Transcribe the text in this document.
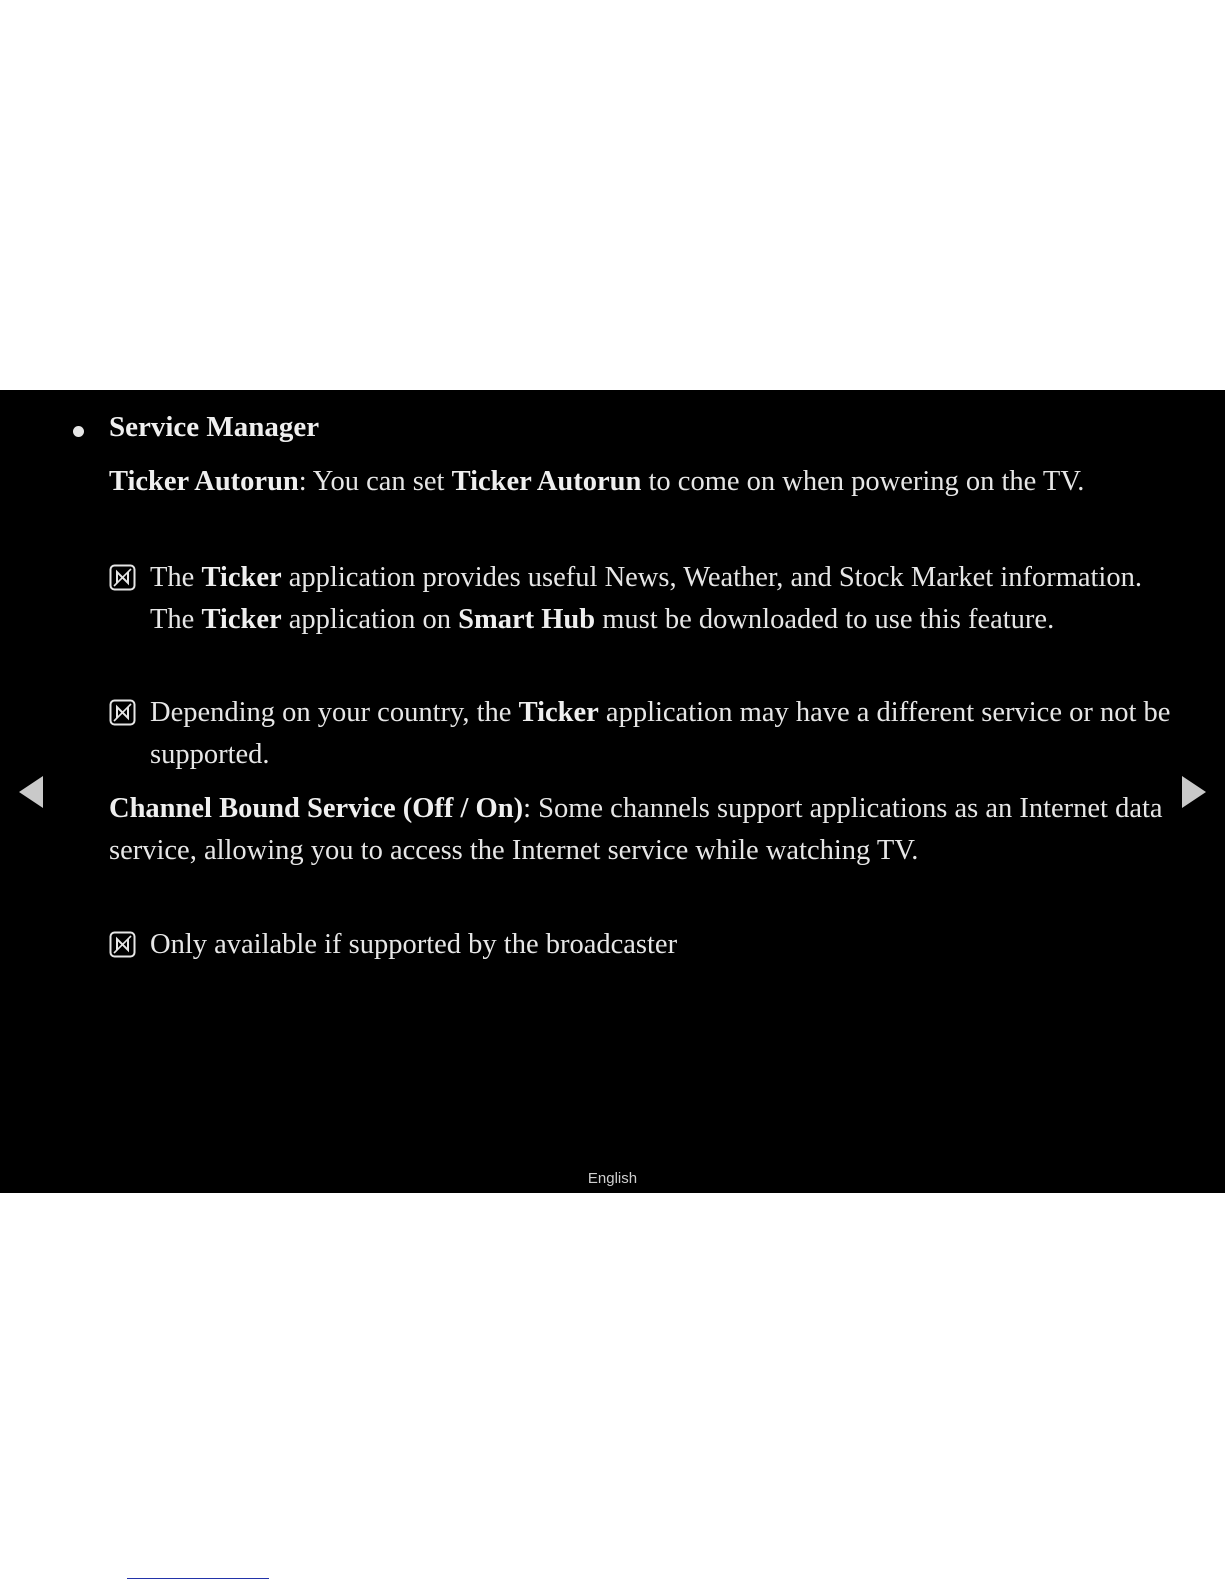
Service Manager
Ticker Autorun: You can set Ticker Autorun to come on when powering on the TV.
The Ticker application provides useful News, Weather, and Stock Market information. The Ticker application on Smart Hub must be downloaded to use this feature.
Depending on your country, the Ticker application may have a different service or not be supported.
Channel Bound Service (Off / On): Some channels support applications as an Internet data service, allowing you to access the Internet service while watching TV.
Only available if supported by the broadcaster
English
